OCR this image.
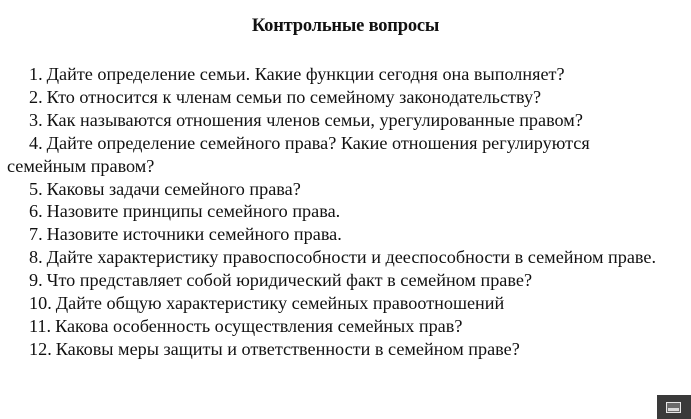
Контрольные вопросы
1. Дайте определение семьи. Какие функции сегодня она выполняет?
2. Кто относится к членам семьи по семейному законодательству?
3. Как называются отношения членов семьи, урегулированные правом?
4. Дайте определение семейного права? Какие отношения регулируются семейным правом?
5. Каковы задачи семейного права?
6. Назовите принципы семейного права.
7. Назовите источники семейного права.
8. Дайте характеристику правоспособности и дееспособности в семейном праве.
9. Что представляет собой юридический факт в семейном праве?
10. Дайте общую характеристику семейных правоотношений
11. Какова особенность осуществления семейных прав?
12. Каковы меры защиты и ответственности в семейном праве?
